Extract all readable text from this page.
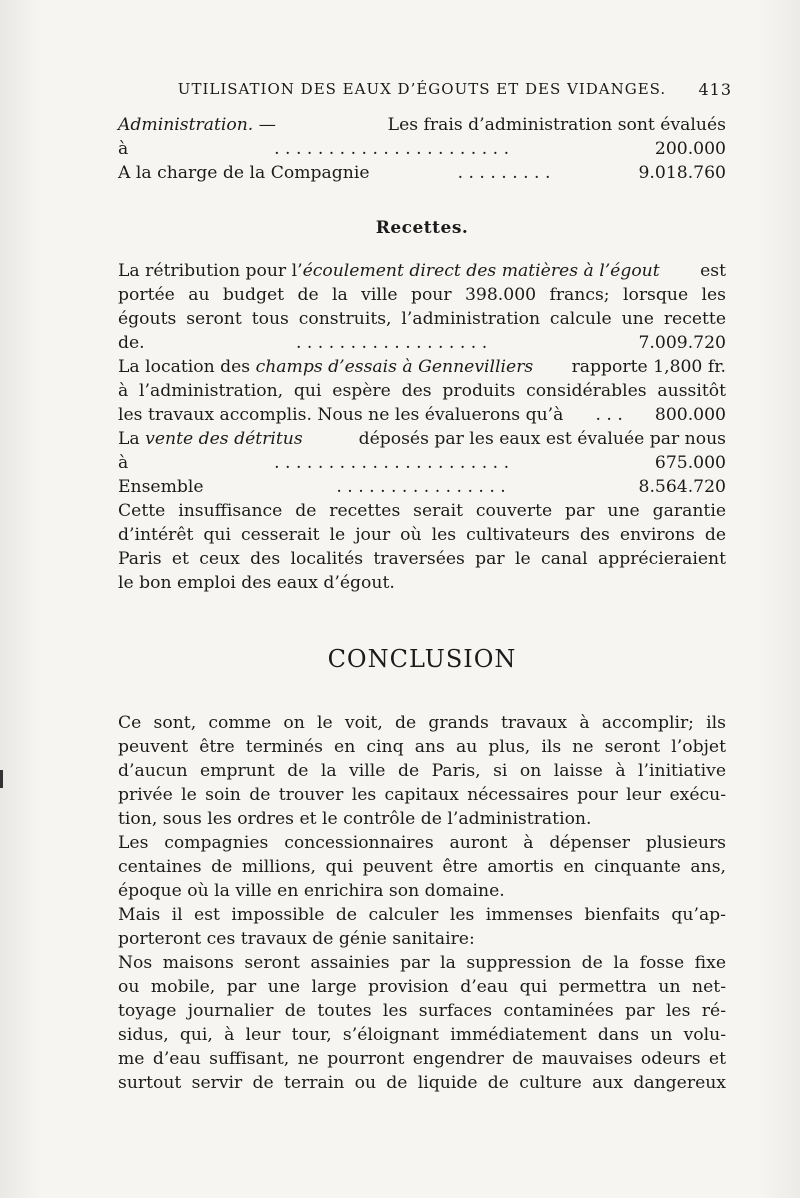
UTILISATION DES EAUX D’ÉGOUTS ET DES VIDANGES. 413
Administration. —	Les frais d’administration sont évalués
à	. . . . . . . . . . . . . . . . . . . . . .	200.000
A la charge de la Compagnie	. . . . . . . . .	9.018.760
Recettes.
La rétribution pour l’écoulement direct des matières à l’égout est
portée au budget de la ville pour 398.000 francs; lorsque les
égouts seront tous construits, l’administration calcule une recette
de.	. . . . . . . . . . . . . . . . . .	7.009.720
La location des champs d’essais à Gennevilliers rapporte 1,800 fr.
à l’administration, qui espère des produits considérables aussitôt
les travaux accomplis. Nous ne les évaluerons qu’à . . . 800.000
La vente des détritus	déposés par les eaux est évaluée par nous
à	. . . . . . . . . . . . . . . . . . . . . .	675.000
Ensemble	. . . . . . . . . . . . . . . .	8.564.720
Cette insuffisance de recettes serait couverte par une garantie
d’intérêt qui cesserait le jour où les cultivateurs des environs de
Paris et ceux des localités traversées par le canal apprécieraient
le bon emploi des eaux d’égout.
CONCLUSION
Ce sont, comme on le voit, de grands travaux à accomplir; ils
peuvent être terminés en cinq ans au plus, ils ne seront l’objet
d’aucun emprunt de la ville de Paris, si on laisse à l’initiative
privée le soin de trouver les capitaux nécessaires pour leur exécu-
tion, sous les ordres et le contrôle de l’administration.
Les compagnies concessionnaires auront à dépenser plusieurs
centaines de millions, qui peuvent être amortis en cinquante ans,
époque où la ville en enrichira son domaine.
Mais il est impossible de calculer les immenses bienfaits qu’ap-
porteront ces travaux de génie sanitaire:
Nos maisons seront assainies par la suppression de la fosse fixe
ou mobile, par une large provision d’eau qui permettra un net-
toyage journalier de toutes les surfaces contaminées par les ré-
sidus, qui, à leur tour, s’éloignant immédiatement dans un volu-
me d’eau suffisant, ne pourront engendrer de mauvaises odeurs et
surtout servir de terrain ou de liquide de culture aux dangereux
